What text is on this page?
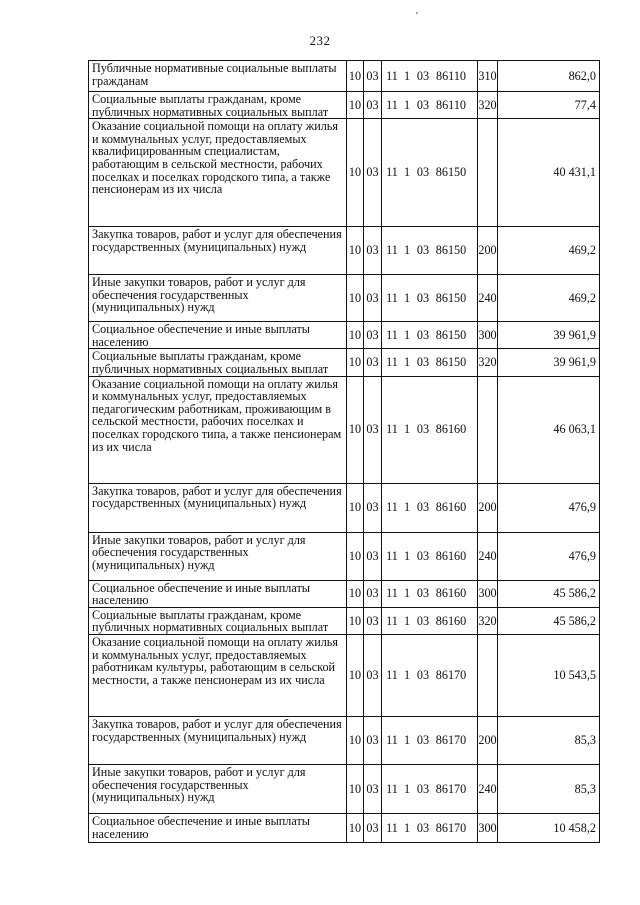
232
Публичные нормативные социальные выплаты гражданам	10	03	11 1 03 86110	310	862,0
Социальные выплаты гражданам, кроме публичных нормативных социальных выплат	10	03	11 1 03 86110	320	77,4
Оказание социальной помощи на оплату жилья и коммунальных услуг, предоставляемых квалифицированным специалистам, работающим в сельской местности, рабочих поселках и поселках городского типа, а также пенсионерам из их числа	10	03	11 1 03 86150		40 431,1
Закупка товаров, работ и услуг для обеспечения государственных (муниципальных) нужд	10	03	11 1 03 86150	200	469,2
Иные закупки товаров, работ и услуг для обеспечения государственных (муниципальных) нужд	10	03	11 1 03 86150	240	469,2
Социальное обеспечение и иные выплаты населению	10	03	11 1 03 86150	300	39 961,9
Социальные выплаты гражданам, кроме публичных нормативных социальных выплат	10	03	11 1 03 86150	320	39 961,9
Оказание социальной помощи на оплату жилья и коммунальных услуг, предоставляемых педагогическим работникам, проживающим в сельской местности, рабочих поселках и поселках городского типа, а также пенсионерам из их числа	10	03	11 1 03 86160		46 063,1
Закупка товаров, работ и услуг для обеспечения государственных (муниципальных) нужд	10	03	11 1 03 86160	200	476,9
Иные закупки товаров, работ и услуг для обеспечения государственных (муниципальных) нужд	10	03	11 1 03 86160	240	476,9
Социальное обеспечение и иные выплаты населению	10	03	11 1 03 86160	300	45 586,2
Социальные выплаты гражданам, кроме публичных нормативных социальных выплат	10	03	11 1 03 86160	320	45 586,2
Оказание социальной помощи на оплату жилья и коммунальных услуг, предоставляемых работникам культуры, работающим в сельской местности, а также пенсионерам из их числа	10	03	11 1 03 86170		10 543,5
Закупка товаров, работ и услуг для обеспечения государственных (муниципальных) нужд	10	03	11 1 03 86170	200	85,3
Иные закупки товаров, работ и услуг для обеспечения государственных (муниципальных) нужд	10	03	11 1 03 86170	240	85,3
Социальное обеспечение и иные выплаты населению	10	03	11 1 03 86170	300	10 458,2
